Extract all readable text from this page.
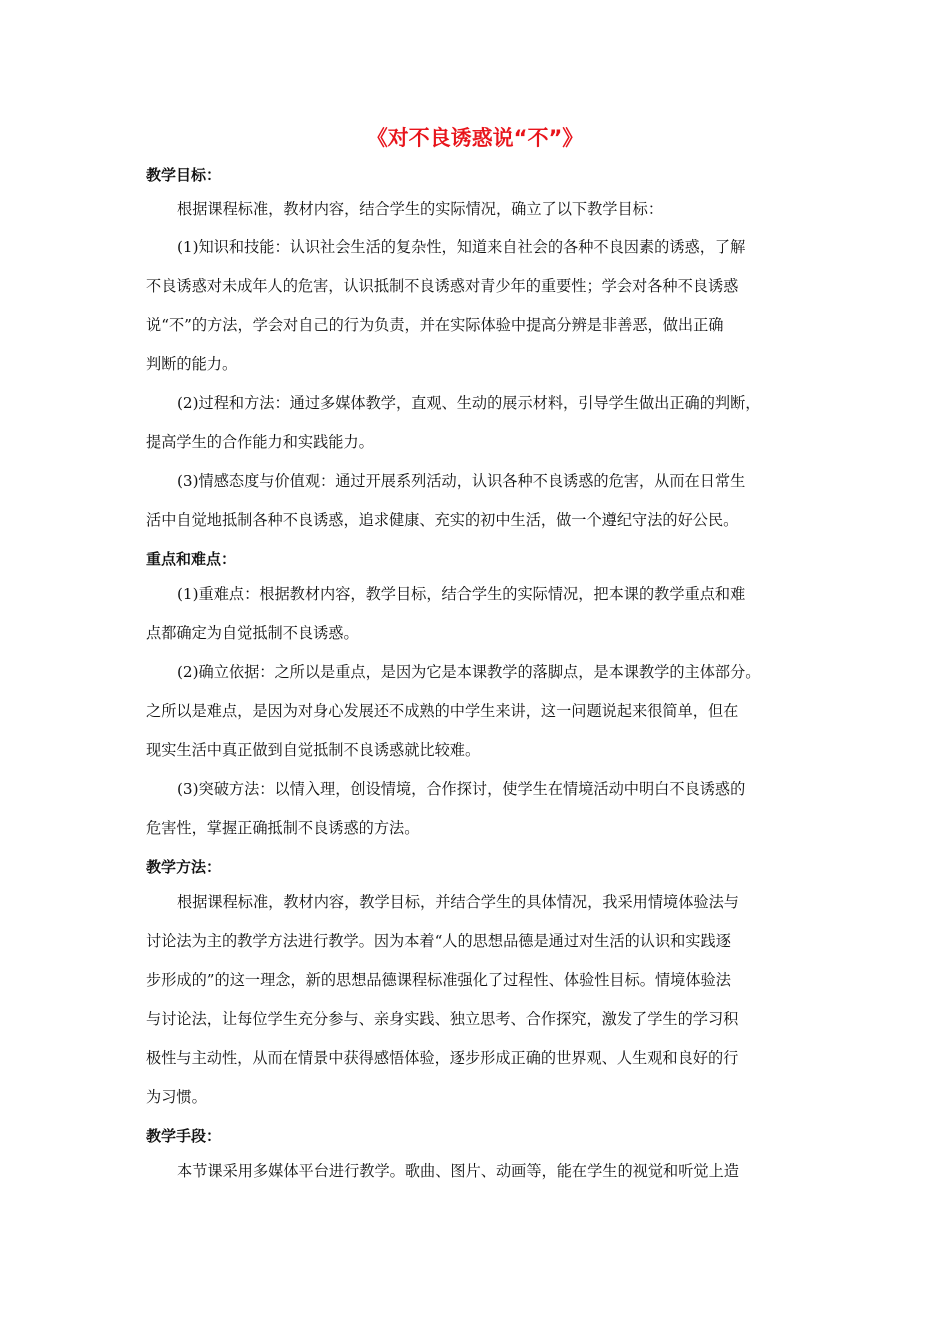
《对不良诱惑说“不”》
教学目标：
根据课程标准，教材内容，结合学生的实际情况，确立了以下教学目标：
(1)知识和技能：认识社会生活的复杂性，知道来自社会的各种不良因素的诱惑，了解
不良诱惑对未成年人的危害，认识抵制不良诱惑对青少年的重要性；学会对各种不良诱惑
说“不”的方法，学会对自己的行为负责，并在实际体验中提高分辨是非善恶，做出正确
判断的能力。
(2)过程和方法：通过多媒体教学，直观、生动的展示材料，引导学生做出正确的判断，
提高学生的合作能力和实践能力。
(3)情感态度与价值观：通过开展系列活动，认识各种不良诱惑的危害，从而在日常生
活中自觉地抵制各种不良诱惑，追求健康、充实的初中生活，做一个遵纪守法的好公民。
重点和难点：
(1)重难点：根据教材内容，教学目标，结合学生的实际情况，把本课的教学重点和难
点都确定为自觉抵制不良诱惑。
(2)确立依据：之所以是重点，是因为它是本课教学的落脚点，是本课教学的主体部分。
之所以是难点，是因为对身心发展还不成熟的中学生来讲，这一问题说起来很简单，但在
现实生活中真正做到自觉抵制不良诱惑就比较难。
(3)突破方法：以情入理，创设情境，合作探讨，使学生在情境活动中明白不良诱惑的
危害性，掌握正确抵制不良诱惑的方法。
教学方法：
根据课程标准，教材内容，教学目标，并结合学生的具体情况，我采用情境体验法与
讨论法为主的教学方法进行教学。因为本着“人的思想品德是通过对生活的认识和实践逐
步形成的”的这一理念，新的思想品德课程标准强化了过程性、体验性目标。情境体验法
与讨论法，让每位学生充分参与、亲身实践、独立思考、合作探究，激发了学生的学习积
极性与主动性，从而在情景中获得感悟体验，逐步形成正确的世界观、人生观和良好的行
为习惯。
教学手段：
本节课采用多媒体平台进行教学。歌曲、图片、动画等，能在学生的视觉和听觉上造
